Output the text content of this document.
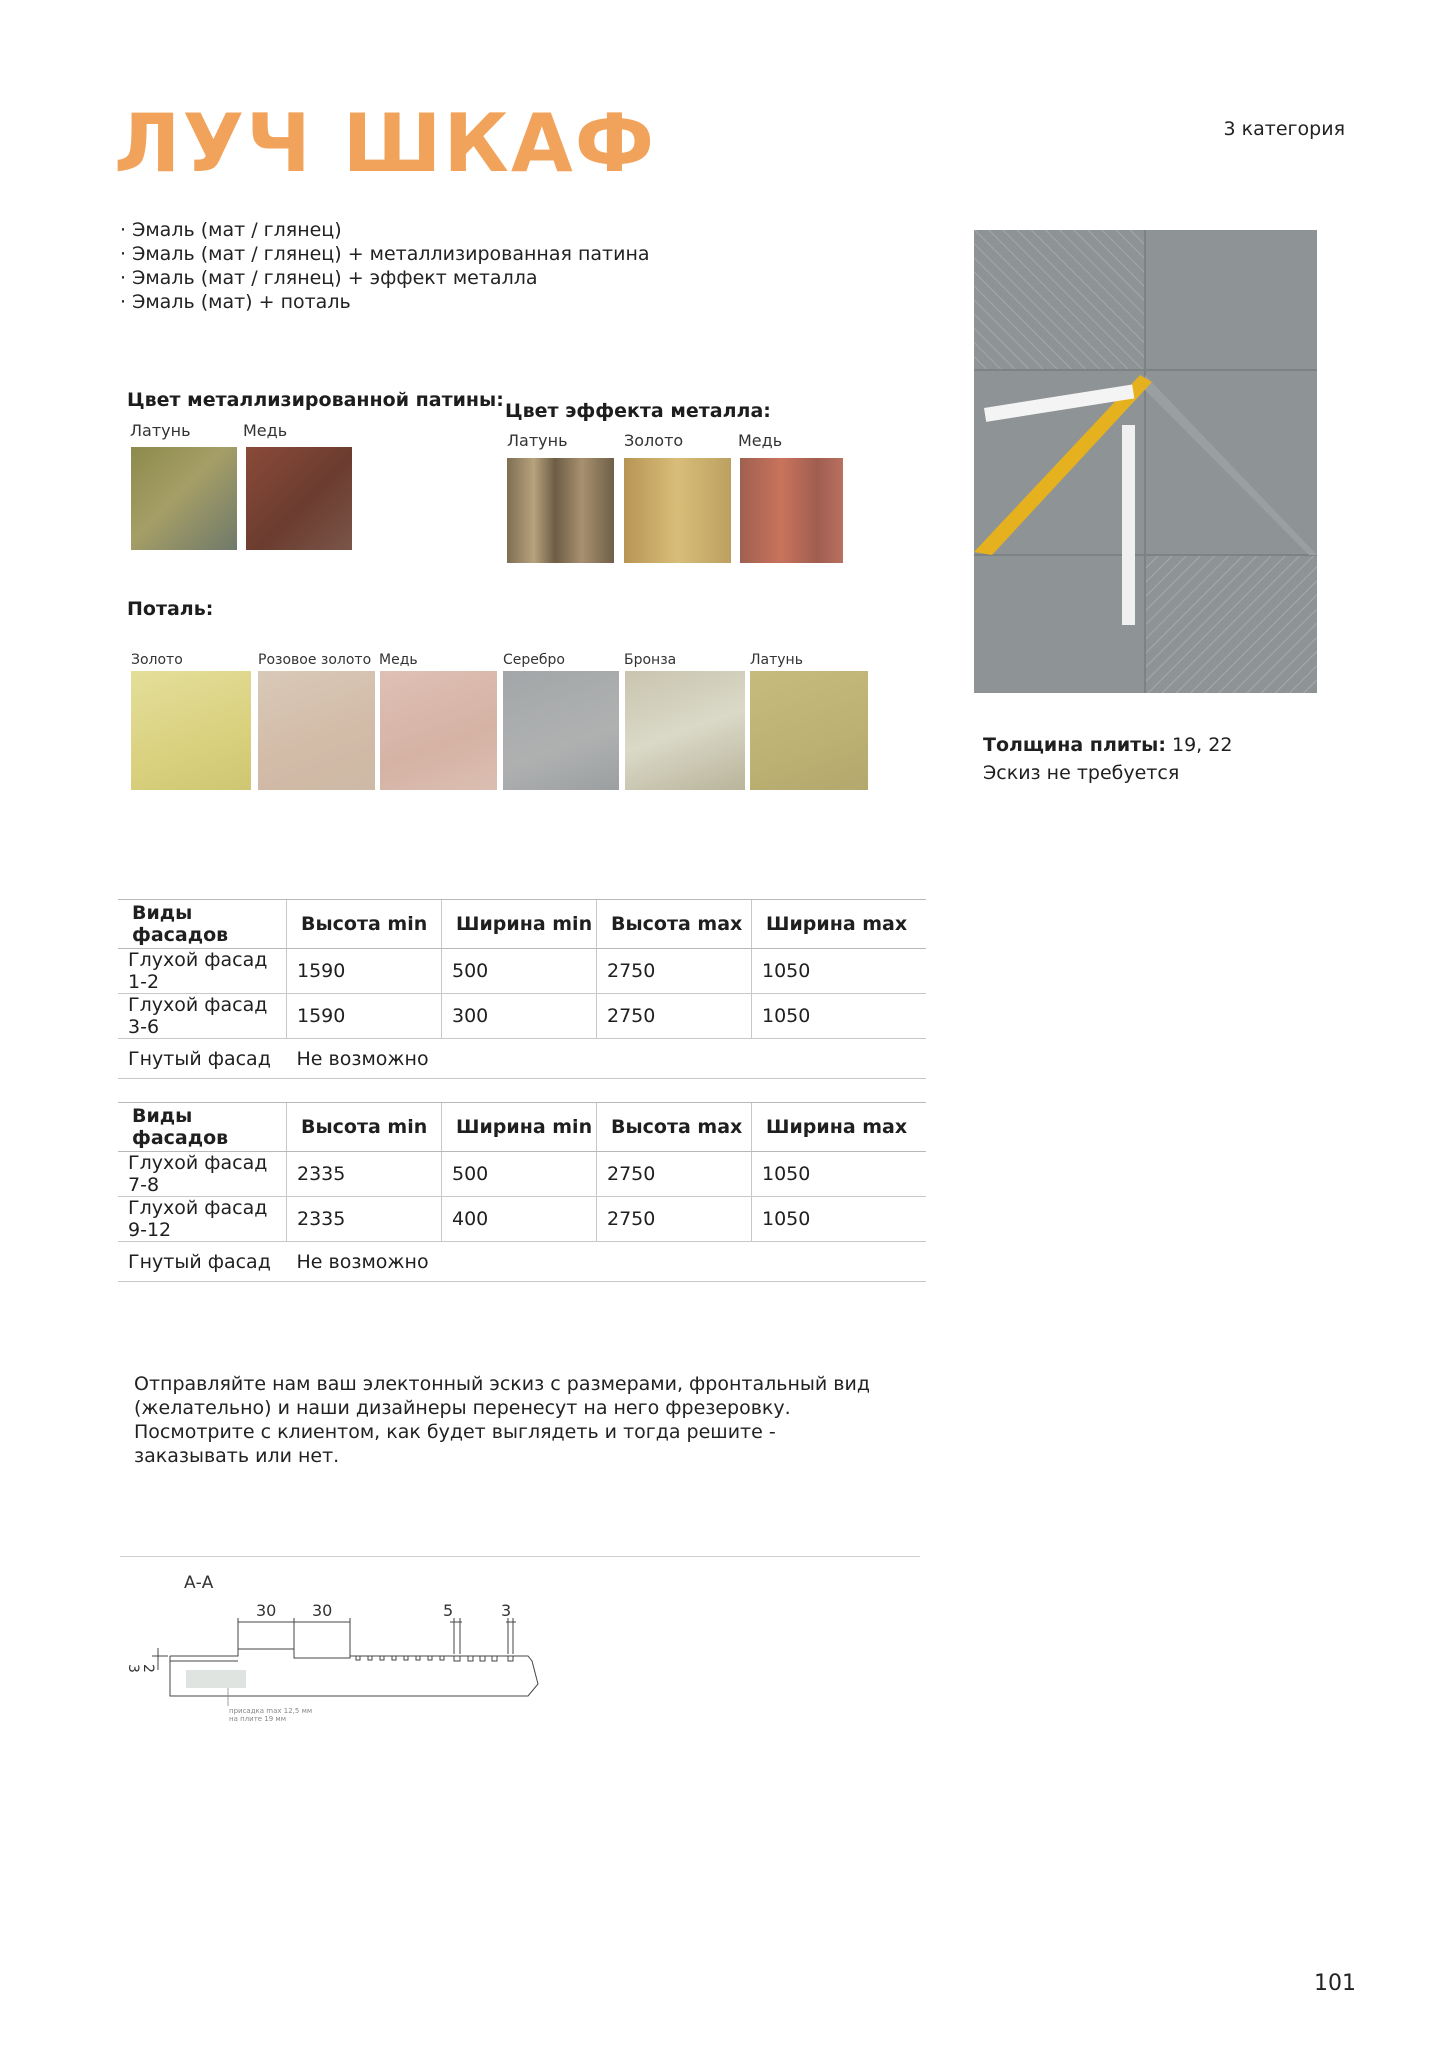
ЛУЧ ШКАФ	3 категория
· Эмаль (мат / глянец)
· Эмаль (мат / глянец) + металлизированная патина
· Эмаль (мат / глянец) + эффект металла
· Эмаль (мат) + поталь
Цвет металлизированной патины:
Латунь	Медь
Цвет эффекта металла:
Латунь	Золото	Медь
Поталь:
Золото	Розовое золото Медь	Серебро	Бронза	Латунь
Толщина плиты: 19, 22
Эскиз не требуется
Виды фасадов	Высота min	Ширина min	Высота max	Ширина max
Глухой фасад 1-2	1590	500	2750	1050
Глухой фасад 3-6	1590	300	2750	1050
Гнутый фасад	Не возможно			
Виды фасадов	Высота min	Ширина min	Высота max	Ширина max
Глухой фасад 7-8	2335	500	2750	1050
Глухой фасад 9-12	2335	400	2750	1050
Гнутый фасад	Не возможно			
Отправляйте нам ваш электонный эскиз с размерами, фронтальный вид (желательно) и наши дизайнеры перенесут на него фрезеровку. Посмотрите с клиентом, как будет выглядеть и тогда решите - заказывать или нет.
А-А
30 30	5	3
3 2
присадка max 12,5 мм
на плите 19 мм
101
